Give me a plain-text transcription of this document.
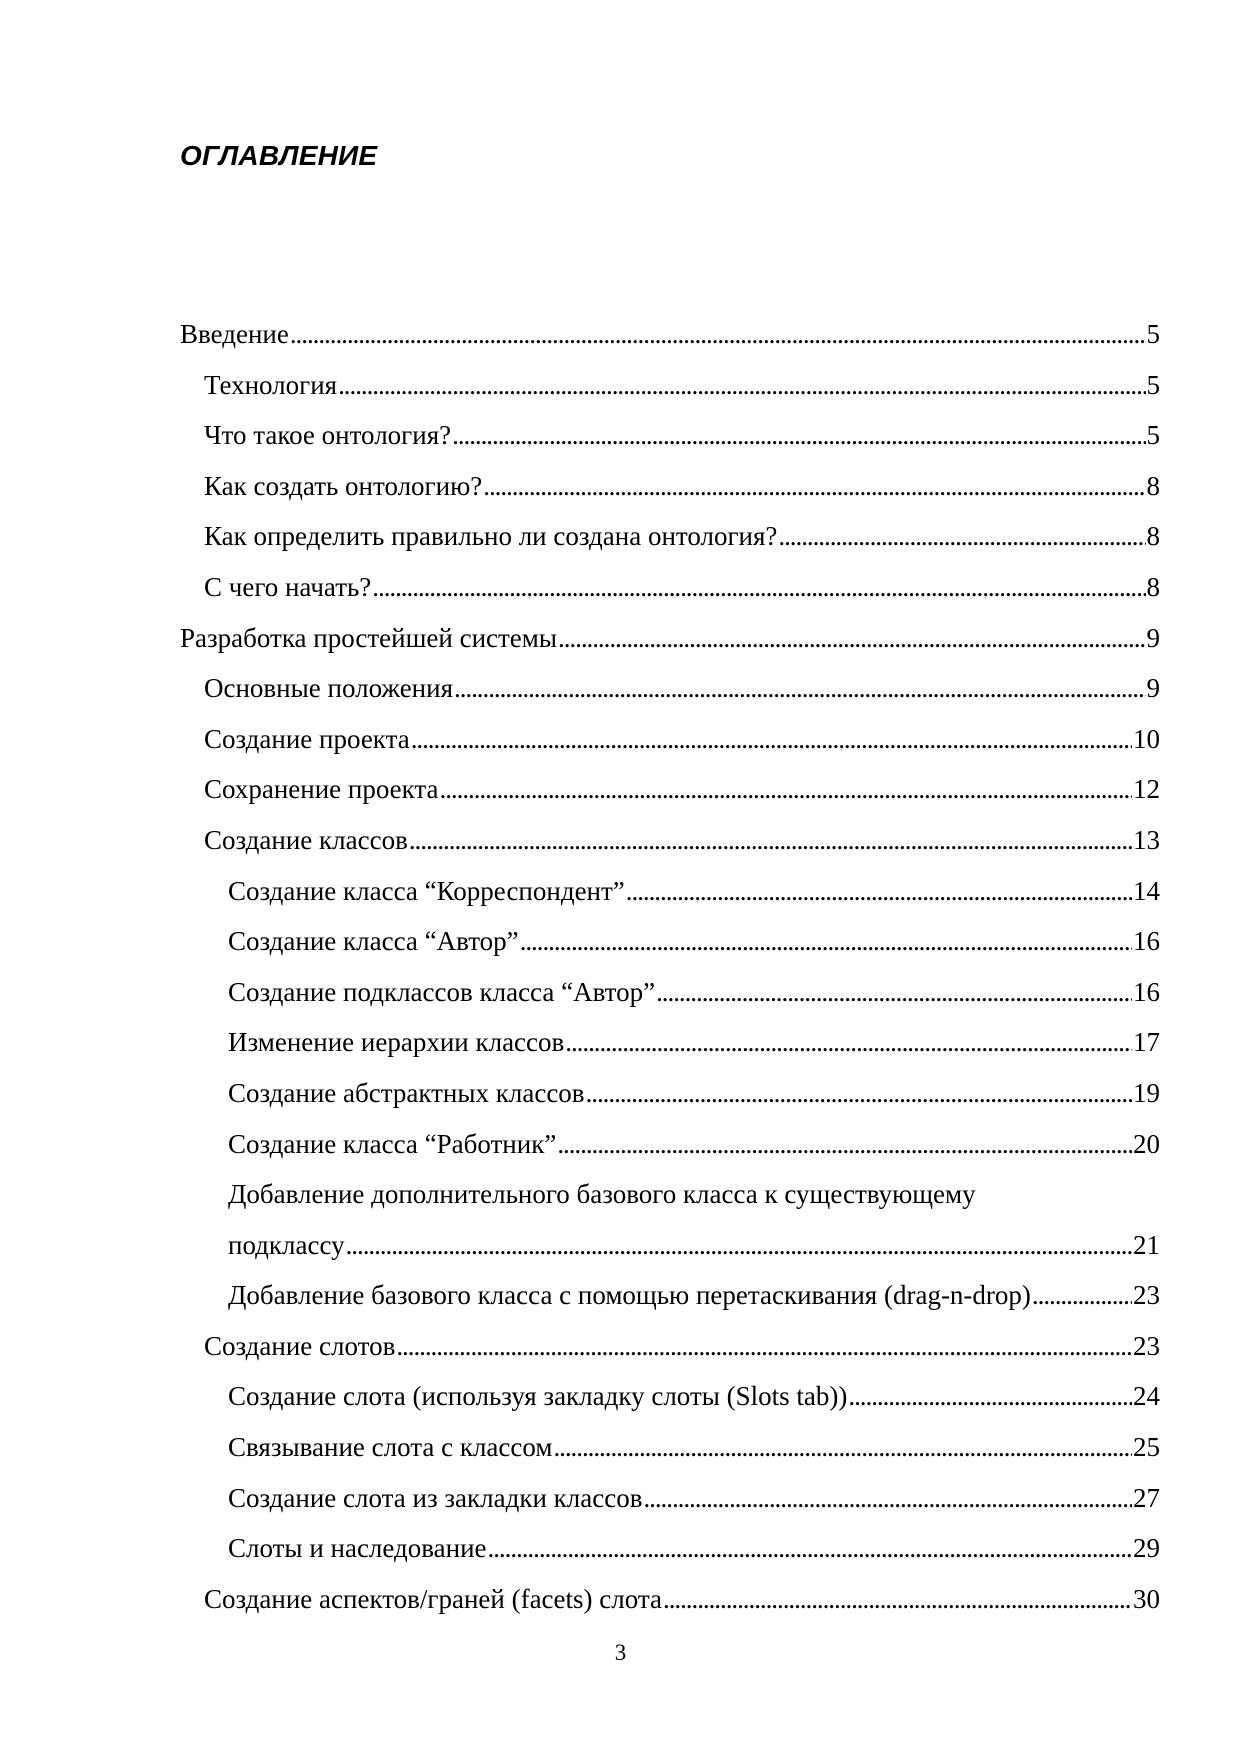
ОГЛАВЛЕНИЕ
Введение . . .	5
Технология . . .	5
Что такое онтология? . . .	5
Как создать онтологию? . . .	8
Как определить правильно ли создана онтология? . . .	8
С чего начать? . . .	8
Разработка простейшей системы . . .	9
Основные положения . . .	9
Создание проекта . . .	10
Сохранение проекта . . .	12
Создание классов . . .	13
Создание класса “Корреспондент” . . .	14
Создание класса “Автор” . . .	16
Создание подклассов класса “Автор” . . .	16
Изменение иерархии классов . . .	17
Создание абстрактных классов . . .	19
Создание класса “Работник” . . .	20
Добавление дополнительного базового класса к существующему
подклассу . . .	21
Добавление базового класса с помощью перетаскивания (drag-n-drop) . . .	23
Создание слотов . . .	23
Создание слота (используя закладку слоты (Slots tab)) . . .	24
Связывание слота с классом . . .	25
Создание слота из закладки классов . . .	27
Слоты и наследование . . .	29
Создание аспектов/граней (facets) слота . . .	30
3
